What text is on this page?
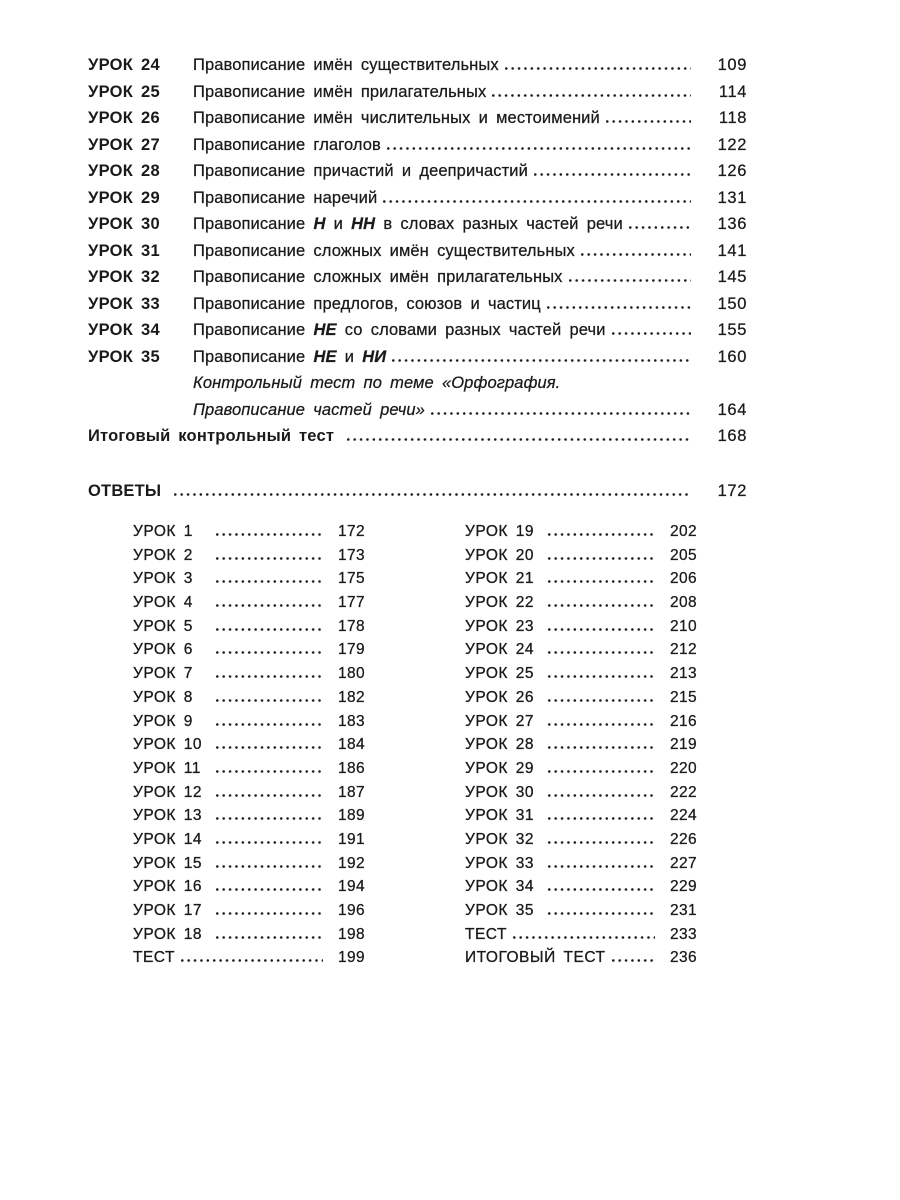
УРОК 24	Правописание имён существительных	109
УРОК 25	Правописание имён прилагательных	114
УРОК 26	Правописание имён числительных и местоимений	118
УРОК 27	Правописание глаголов	122
УРОК 28	Правописание причастий и деепричастий	126
УРОК 29	Правописание наречий	131
УРОК 30	Правописание Н и НН в словах разных частей речи	136
УРОК 31	Правописание сложных имён существительных	141
УРОК 32	Правописание сложных имён прилагательных	145
УРОК 33	Правописание предлогов, союзов и частиц	150
УРОК 34	Правописание НЕ со словами разных частей речи	155
УРОК 35	Правописание НЕ и НИ	160
Контрольный тест по теме «Орфография.
Правописание частей речи»	164
Итоговый контрольный тест	168
ОТВЕТЫ	172
УРОК 1	172
УРОК 2	173
УРОК 3	175
УРОК 4	177
УРОК 5	178
УРОК 6	179
УРОК 7	180
УРОК 8	182
УРОК 9	183
УРОК 10	184
УРОК 11	186
УРОК 12	187
УРОК 13	189
УРОК 14	191
УРОК 15	192
УРОК 16	194
УРОК 17	196
УРОК 18	198
ТЕСТ	199
УРОК 19	202
УРОК 20	205
УРОК 21	206
УРОК 22	208
УРОК 23	210
УРОК 24	212
УРОК 25	213
УРОК 26	215
УРОК 27	216
УРОК 28	219
УРОК 29	220
УРОК 30	222
УРОК 31	224
УРОК 32	226
УРОК 33	227
УРОК 34	229
УРОК 35	231
ТЕСТ	233
ИТОГОВЫЙ ТЕСТ	236
